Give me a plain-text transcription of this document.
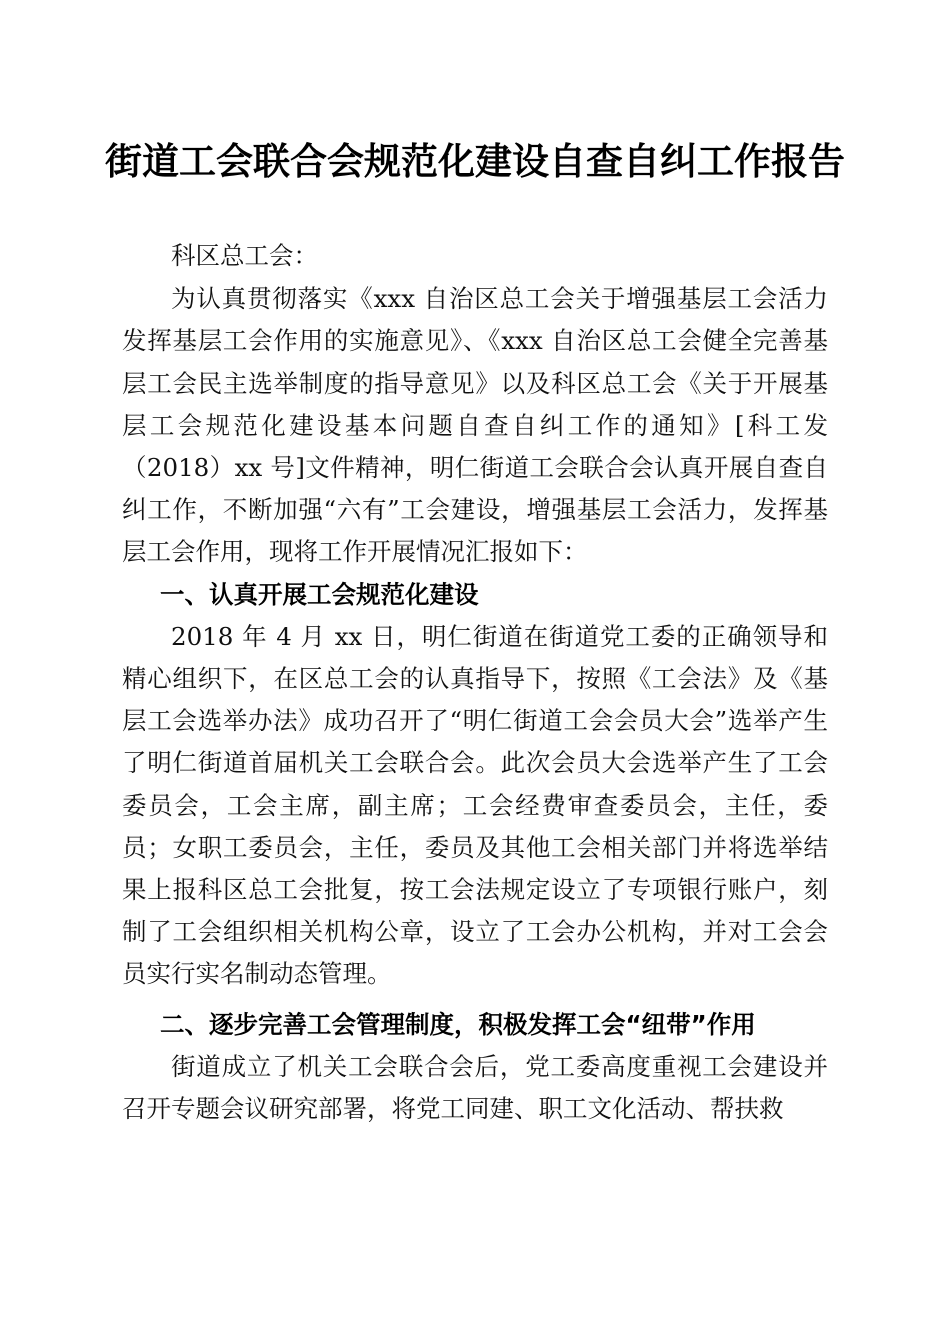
街道工会联合会规范化建设自查自纠工作报告

科区总工会：

为认真贯彻落实《xxx 自治区总工会关于增强基层工会活力发挥基层工会作用的实施意见》、《xxx 自治区总工会健全完善基层工会民主选举制度的指导意见》以及科区总工会《关于开展基层工会规范化建设基本问题自查自纠工作的通知》[科工发（2018）xx 号]文件精神，明仁街道工会联合会认真开展自查自纠工作，不断加强“六有”工会建设，增强基层工会活力，发挥基层工会作用，现将工作开展情况汇报如下：

一、认真开展工会规范化建设

2018 年 4 月 xx 日，明仁街道在街道党工委的正确领导和精心组织下，在区总工会的认真指导下，按照《工会法》及《基层工会选举办法》成功召开了“明仁街道工会会员大会”选举产生了明仁街道首届机关工会联合会。此次会员大会选举产生了工会委员会，工会主席，副主席；工会经费审查委员会，主任，委员；女职工委员会，主任，委员及其他工会相关部门并将选举结果上报科区总工会批复，按工会法规定设立了专项银行账户，刻制了工会组织相关机构公章，设立了工会办公机构，并对工会会员实行实名制动态管理。

二、逐步完善工会管理制度，积极发挥工会“纽带”作用

街道成立了机关工会联合会后，党工委高度重视工会建设并召开专题会议研究部署，将党工同建、职工文化活动、帮扶救
